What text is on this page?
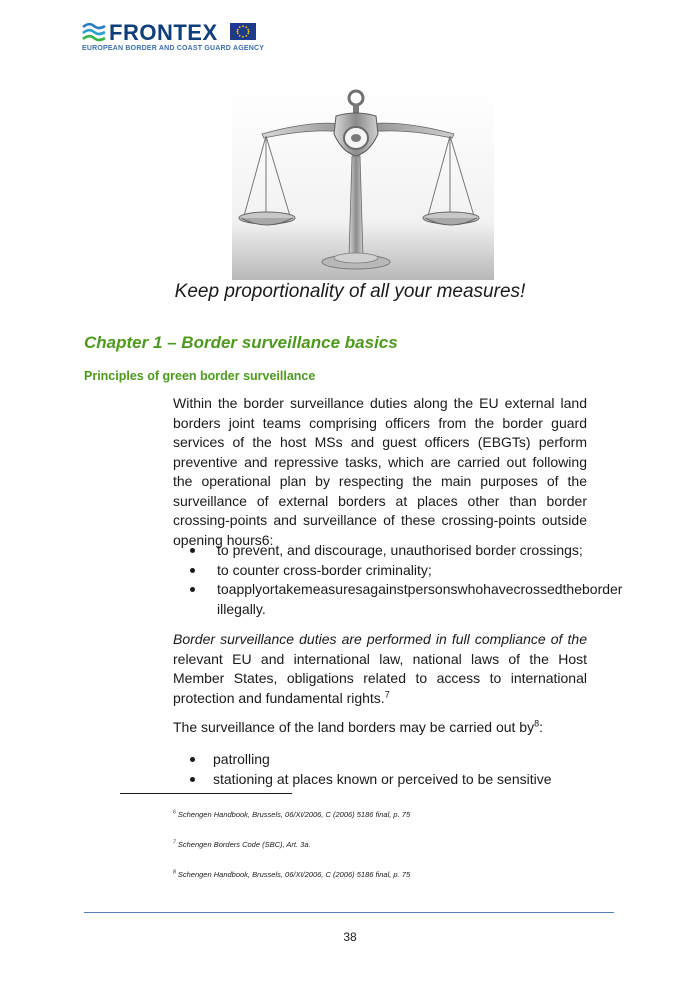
FRONTEX
EUROPEAN BORDER AND COAST GUARD AGENCY
Keep proportionality of all your measures!
Chapter 1 – Border surveillance basics
Principles of green border surveillance

Within the border surveillance duties along the EU external land borders joint teams comprising officers from the border guard services of the host MSs and guest officers (EBGTs) perform preventive and repressive tasks, which are carried out following the operational plan by respecting the main purposes of the surveillance of external borders at places other than border crossing-points and surveillance of these crossing-points outside opening hours6:

to prevent, and discourage, unauthorised border crossings;
to counter cross-border criminality;
toapplyortakemeasuresagainstpersonswhohavecrossedtheborder illegally.

Border surveillance duties are performed in full compliance of the relevant EU and international law, national laws of the Host Member States, obligations related to access to international protection and fundamental rights.$^7$

The surveillance of the land borders may be carried out $by^8$:

patrolling
stationing at places known or perceived to be sensitive
$^6$ Schengen Handbook, Brussels, 06/XI/2006, C (2006) 5186 final, p. 75
$^7$ Schengen Borders Code (SBC), Art. 3a.
$^8$ Schengen Handbook, Brussels, 06/XI/2006, C (2006) 5186 final, p. 75
38
